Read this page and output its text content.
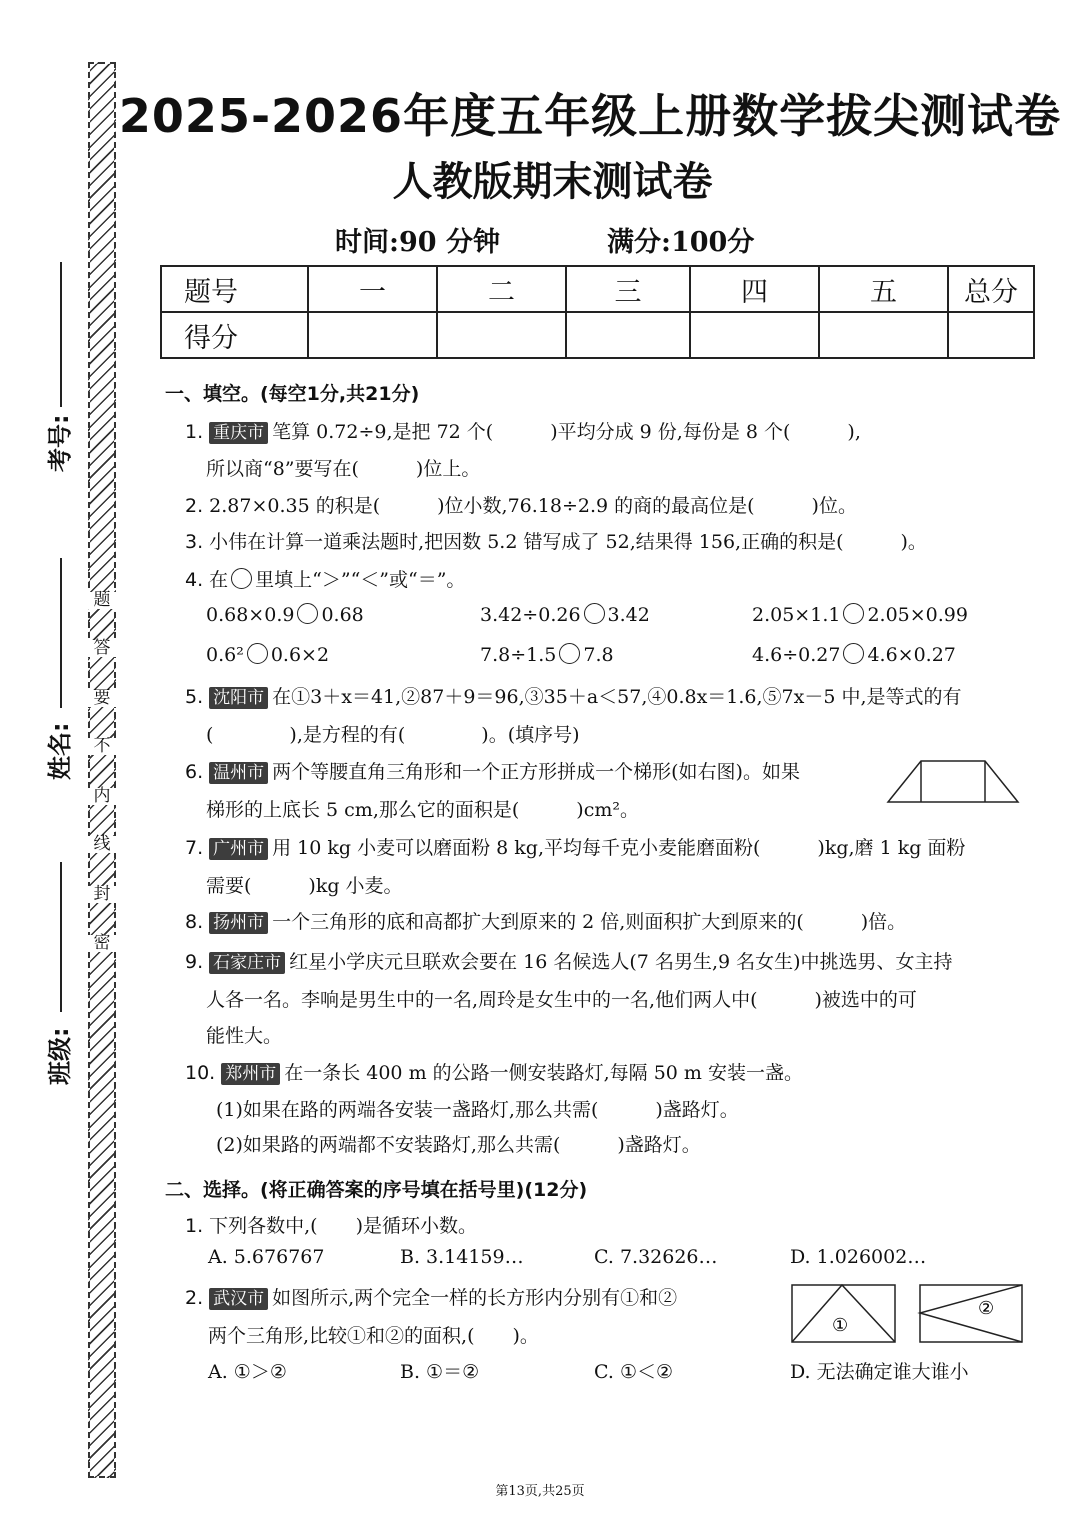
题
答
要
不
内
线
封
密
考号:
姓名:
班级:
2025-2026年度五年级上册数学拔尖测试卷
人教版期末测试卷
时间:90 分钟	满分:100分
题号	一	二	三	四	五	总分
得分						
一、填空。(每空1分,共21分)
1. 重庆市 笔算 0.72÷9,是把 72 个(　　　)平均分成 9 份,每份是 8 个(　　　),
所以商“8”要写在(　　　)位上。
2. 2.87×0.35 的积是(　　　)位小数,76.18÷2.9 的商的最高位是(　　　)位。
3. 小伟在计算一道乘法题时,把因数 5.2 错写成了 52,结果得 156,正确的积是(　　　)。
4. 在 里填上“＞”“＜”或“＝”。
0.68×0.9 0.68	3.42÷0.26 3.42	2.05×1.1 2.05×0.99
0.6² 0.6×2	7.8÷1.5 7.8	4.6÷0.27 4.6×0.27
5. 沈阳市 在①3＋x＝41,②87＋9＝96,③35＋a＜57,④0.8x＝1.6,⑤7x－5 中,是等式的有
(　　　　),是方程的有(　　　　)。(填序号)
6. 温州市 两个等腰直角三角形和一个正方形拼成一个梯形(如右图)。如果
梯形的上底长 5 cm,那么它的面积是(　　　)cm²。
7. 广州市 用 10 kg 小麦可以磨面粉 8 kg,平均每千克小麦能磨面粉(　　　)kg,磨 1 kg 面粉
需要(　　　)kg 小麦。
8. 扬州市 一个三角形的底和高都扩大到原来的 2 倍,则面积扩大到原来的(　　　)倍。
9. 石家庄市 红星小学庆元旦联欢会要在 16 名候选人(7 名男生,9 名女生)中挑选男、女主持
人各一名。李响是男生中的一名,周玲是女生中的一名,他们两人中(　　　)被选中的可
能性大。
10. 郑州市 在一条长 400 m 的公路一侧安装路灯,每隔 50 m 安装一盏。
(1)如果在路的两端各安装一盏路灯,那么共需(　　　)盏路灯。
(2)如果路的两端都不安装路灯,那么共需(　　　)盏路灯。
二、选择。(将正确答案的序号填在括号里)(12分)
1. 下列各数中,(　　)是循环小数。
A. 5.676767	B. 3.14159…	C. 7.32626…	D. 1.026002…
2. 武汉市 如图所示,两个完全一样的长方形内分别有①和②
两个三角形,比较①和②的面积,(　　)。
A. ①＞②	B. ①＝②	C. ①＜②	D. 无法确定谁大谁小
①
②
第13页,共25页
